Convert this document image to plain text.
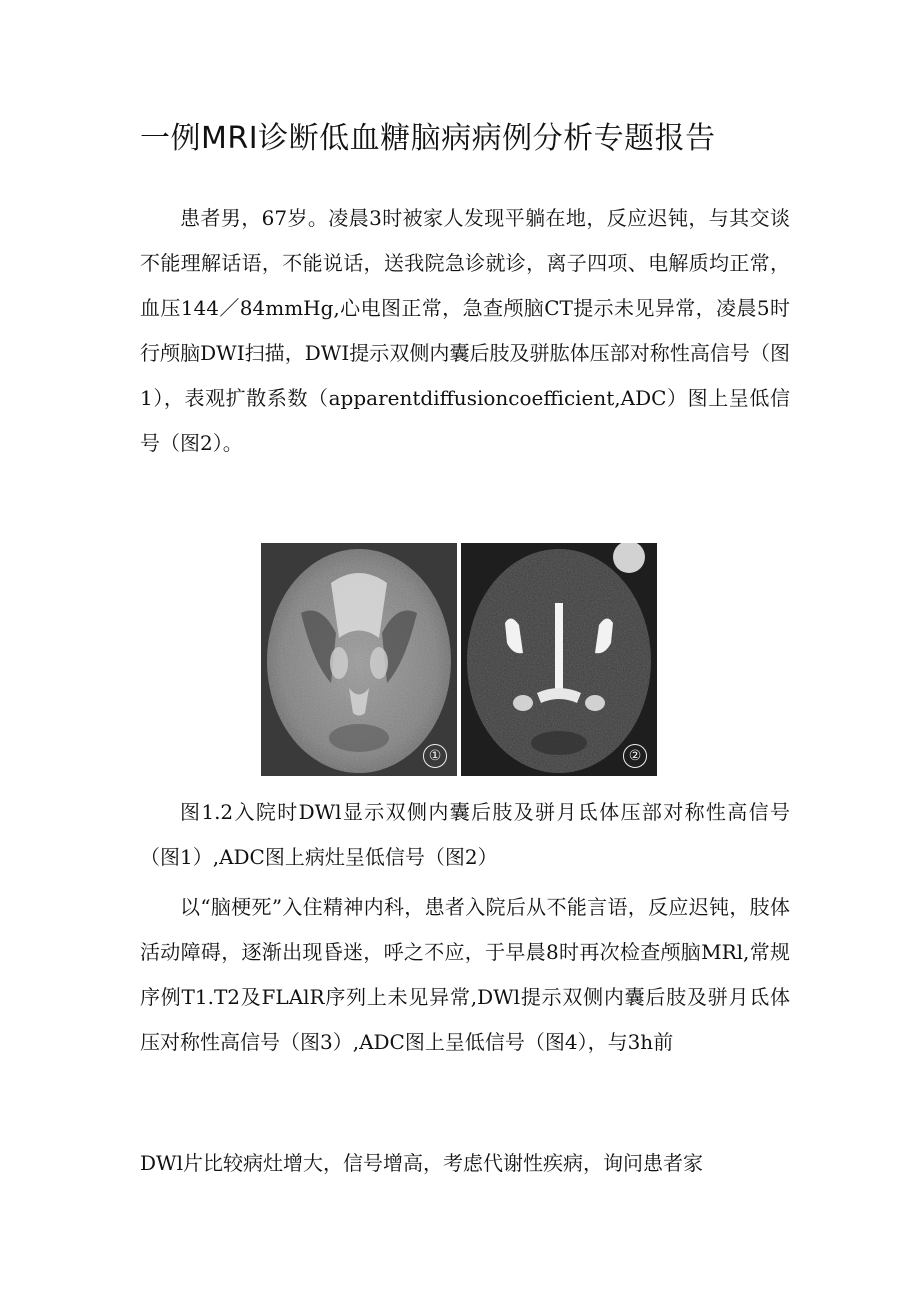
一例MRI诊断低血糖脑病病例分析专题报告

患者男，67岁。凌晨3时被家人发现平躺在地，反应迟钝，与其交谈不能理解话语，不能说话，送我院急诊就诊，离子四项、电解质均正常，血压144／84mmHg,心电图正常，急查颅脑CT提示未见异常，凌晨5时行颅脑DWI扫描，DWI提示双侧内囊后肢及骈肱体压部对称性高信号（图1），表观扩散系数（apparentdiffusioncoefficient,ADC）图上呈低信号（图2）。

①	②

图1.2入院时DWl显示双侧内囊后肢及骈月氐体压部对称性高信号（图1）,ADC图上病灶呈低信号（图2）

以“脑梗死”入住精神内科，患者入院后从不能言语，反应迟钝，肢体活动障碍，逐渐出现昏迷，呼之不应，于早晨8时再次检查颅脑MRl,常规序例T1.T2及FLAlR序列上未见异常,DWl提示双侧内囊后肢及骈月氐体压对称性高信号（图3）,ADC图上呈低信号（图4），与3h前

DWl片比较病灶增大，信号增高，考虑代谢性疾病，询问患者家
